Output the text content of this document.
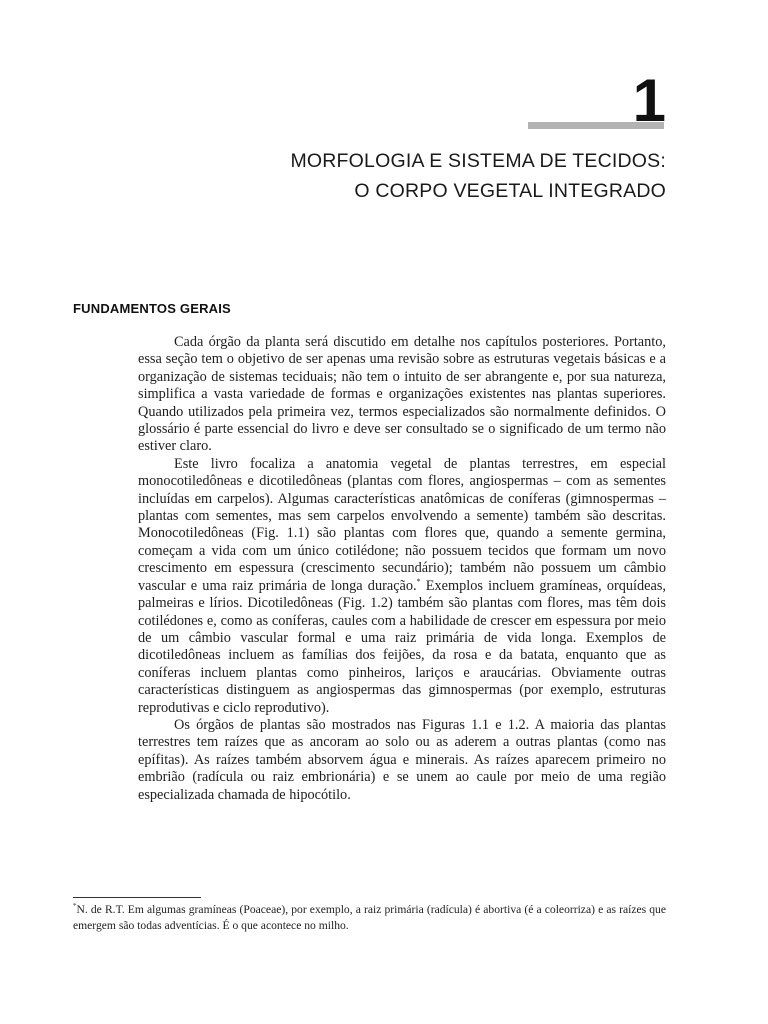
1
MORFOLOGIA E SISTEMA DE TECIDOS:
O CORPO VEGETAL INTEGRADO
FUNDAMENTOS GERAIS

Cada órgão da planta será discutido em detalhe nos capítulos posteriores. Portanto, essa seção tem o objetivo de ser apenas uma revisão sobre as estruturas vegetais básicas e a organização de sistemas teciduais; não tem o intuito de ser abrangente e, por sua natureza, simplifica a vasta variedade de formas e organizações existentes nas plantas superiores. Quando utilizados pela primeira vez, termos especializados são normalmente definidos. O glossário é parte essencial do livro e deve ser consultado se o significado de um termo não estiver claro.

Este livro focaliza a anatomia vegetal de plantas terrestres, em especial monocotiledôneas e dicotiledôneas (plantas com flores, angiospermas – com as sementes incluídas em carpelos). Algumas características anatômicas de coníferas (gimnospermas – plantas com sementes, mas sem carpelos envolvendo a semente) também são descritas. Monocotiledôneas (Fig. 1.1) são plantas com flores que, quando a semente germina, começam a vida com um único cotilédone; não possuem tecidos que formam um novo crescimento em espessura (crescimento secundário); também não possuem um câmbio vascular e uma raiz primária de longa duração.* Exemplos incluem gramíneas, orquídeas, palmeiras e lírios. Dicotiledôneas (Fig. 1.2) também são plantas com flores, mas têm dois cotilédones e, como as coníferas, caules com a habilidade de crescer em espessura por meio de um câmbio vascular formal e uma raiz primária de vida longa. Exemplos de dicotiledôneas incluem as famílias dos feijões, da rosa e da batata, enquanto que as coníferas incluem plantas como pinheiros, lariços e araucárias. Obviamente outras características distinguem as angiospermas das gimnospermas (por exemplo, estruturas reprodutivas e ciclo reprodutivo).

Os órgãos de plantas são mostrados nas Figuras 1.1 e 1.2. A maioria das plantas terrestres tem raízes que as ancoram ao solo ou as aderem a outras plantas (como nas epífitas). As raízes também absorvem água e minerais. As raízes aparecem primeiro no embrião (radícula ou raiz embrionária) e se unem ao caule por meio de uma região especializada chamada de hipocótilo.

*N. de R.T. Em algumas gramíneas (Poaceae), por exemplo, a raiz primária (radícula) é abortiva (é a coleorriza) e as raízes que emergem são todas adventícias. É o que acontece no milho.
